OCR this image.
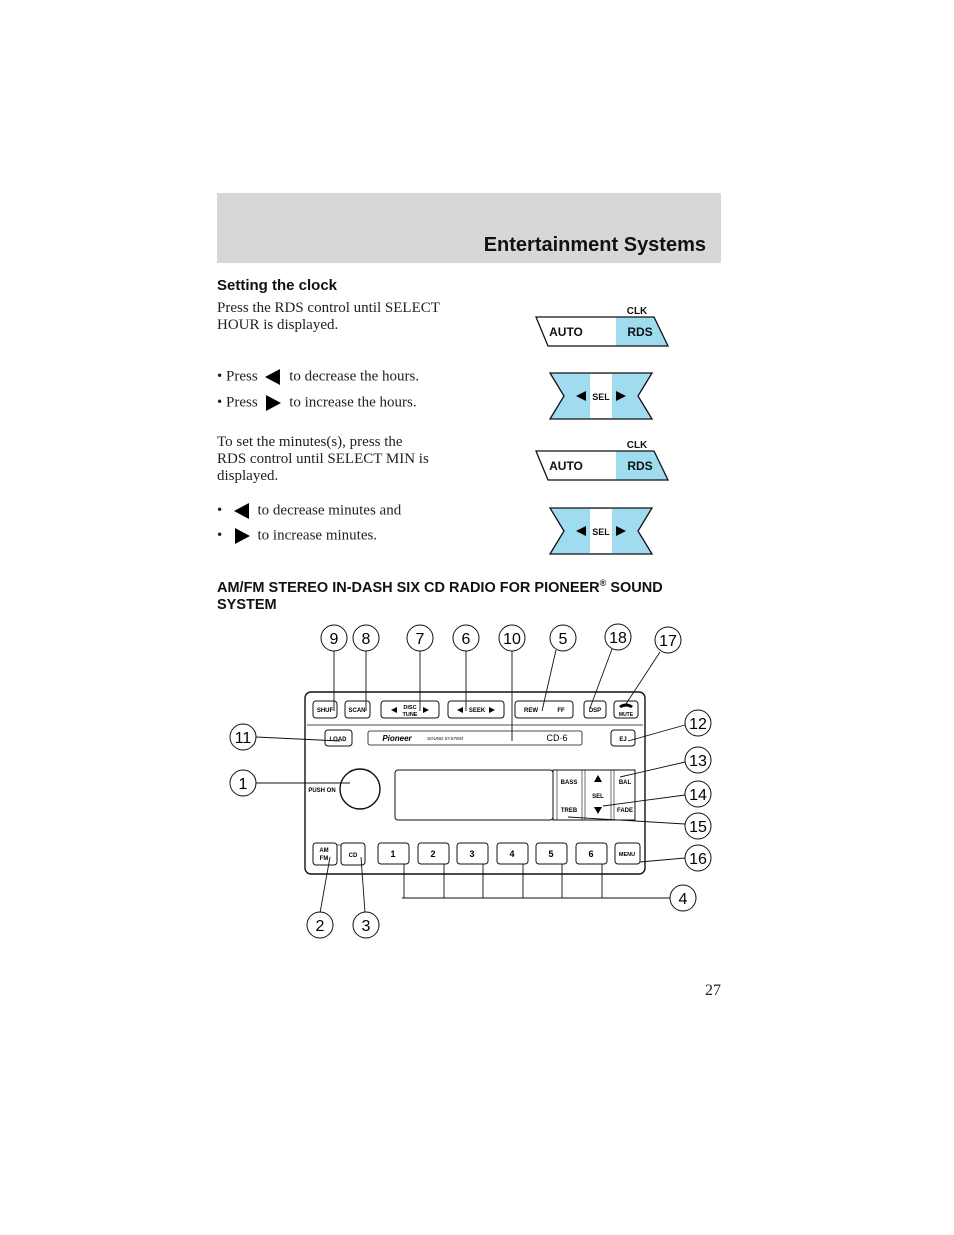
Entertainment Systems
Setting the clock
Press the RDS control until SELECT
HOUR is displayed.
• Press to decrease the hours.
• Press to increase the hours.
To set the minutes(s), press the
RDS control until SELECT MIN is
displayed.
•   to decrease minutes and
•   to increase minutes.
CLK
AUTO	RDS
SEL
CLK
AUTO	RDS
SEL
AM/FM STEREO IN-DASH SIX CD RADIO FOR PIONEER® SOUND
SYSTEM
SHUF	SCAN	DISC
TUNE
SEEK	REW	FF	DSP
MUTE
LOAD	Pioneer	SOUND SYSTEM	CD·6	EJ
PUSH ON
BASS
TREB
SEL
BAL
FADE
AM
FM	CD	1	2	3	4	5	6	MENU
9 8	7 6 10 5	18 17
11
12
1
13
14
15
16
4
2 3
27
